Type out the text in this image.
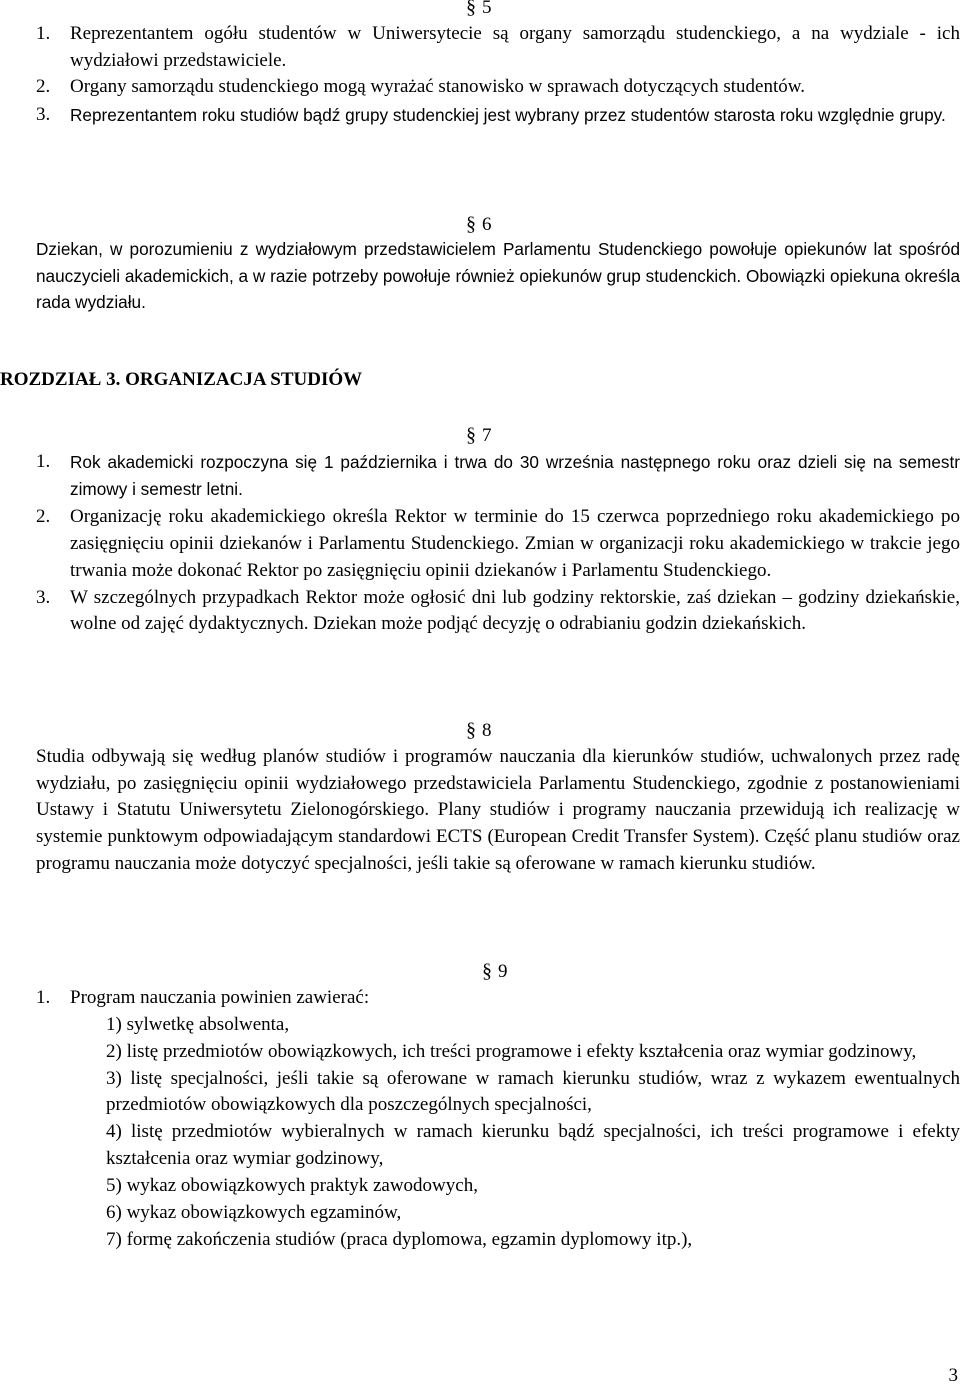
§ 5
1.	Reprezentantem ogółu studentów w Uniwersytecie są organy samorządu studenckiego, a na wydziale - ich wydziałowi przedstawiciele.
2.	Organy samorządu studenckiego mogą wyrażać stanowisko w sprawach dotyczących studentów.
3.	Reprezentantem roku studiów bądź grupy studenckiej jest wybrany przez studentów starosta roku względnie grupy.
§ 6

Dziekan, w porozumieniu z wydziałowym przedstawicielem Parlamentu Studenckiego powołuje opiekunów lat spośród nauczycieli akademickich, a w razie potrzeby powołuje również opiekunów grup studenckich. Obowiązki opiekuna określa rada wydziału.

ROZDZIAŁ 3. ORGANIZACJA STUDIÓW
§ 7
1.	Rok akademicki rozpoczyna się 1 października i trwa do 30 września następnego roku oraz dzieli się na semestr zimowy i semestr letni.
2.	Organizację roku akademickiego określa Rektor w terminie do 15 czerwca poprzedniego roku akademickiego po zasięgnięciu opinii dziekanów i Parlamentu Studenckiego. Zmian w organizacji roku akademickiego w trakcie jego trwania może dokonać Rektor po zasięgnięciu opinii dziekanów i Parlamentu Studenckiego.
3.	W szczególnych przypadkach Rektor może ogłosić dni lub godziny rektorskie, zaś dziekan – godziny dziekańskie, wolne od zajęć dydaktycznych. Dziekan może podjąć decyzję o odrabianiu godzin dziekańskich.
§ 8

Studia odbywają się według planów studiów i programów nauczania dla kierunków studiów, uchwalonych przez radę wydziału, po zasięgnięciu opinii wydziałowego przedstawiciela Parlamentu Studenckiego, zgodnie z postanowieniami Ustawy i Statutu Uniwersytetu Zielonogórskiego. Plany studiów i programy nauczania przewidują ich realizację w systemie punktowym odpowiadającym standardowi ECTS (European Credit Transfer System). Część planu studiów oraz programu nauczania może dotyczyć specjalności, jeśli takie są oferowane w ramach kierunku studiów.

§ 9
1.	Program nauczania powinien zawierać:
1) sylwetkę absolwenta,
2) listę przedmiotów obowiązkowych, ich treści programowe i efekty kształcenia oraz wymiar godzinowy,
3) listę specjalności, jeśli takie są oferowane w ramach kierunku studiów, wraz z wykazem ewentualnych przedmiotów obowiązkowych dla poszczególnych specjalności,
4) listę przedmiotów wybieralnych w ramach kierunku bądź specjalności, ich treści programowe i efekty kształcenia oraz wymiar godzinowy,
5) wykaz obowiązkowych praktyk zawodowych,
6) wykaz obowiązkowych egzaminów,
7) formę zakończenia studiów (praca dyplomowa, egzamin dyplomowy itp.),
3
